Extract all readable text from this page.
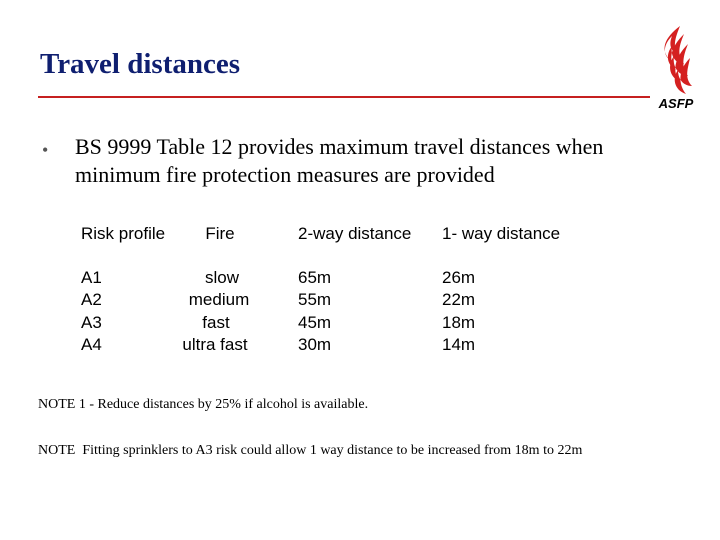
Travel distances
ASFP
• BS 9999 Table 12 provides maximum travel distances when minimum fire protection measures are provided
Risk profile	Fire	2-way distance 1- way distance
A1
A2
A3
A4
slow
medium
fast
ultra fast
65m
55m
45m
30m
26m
22m
18m
14m
NOTE 1 - Reduce distances by 25% if alcohol is available.
NOTE  Fitting sprinklers to A3 risk could allow 1 way distance to be increased from 18m to 22m
